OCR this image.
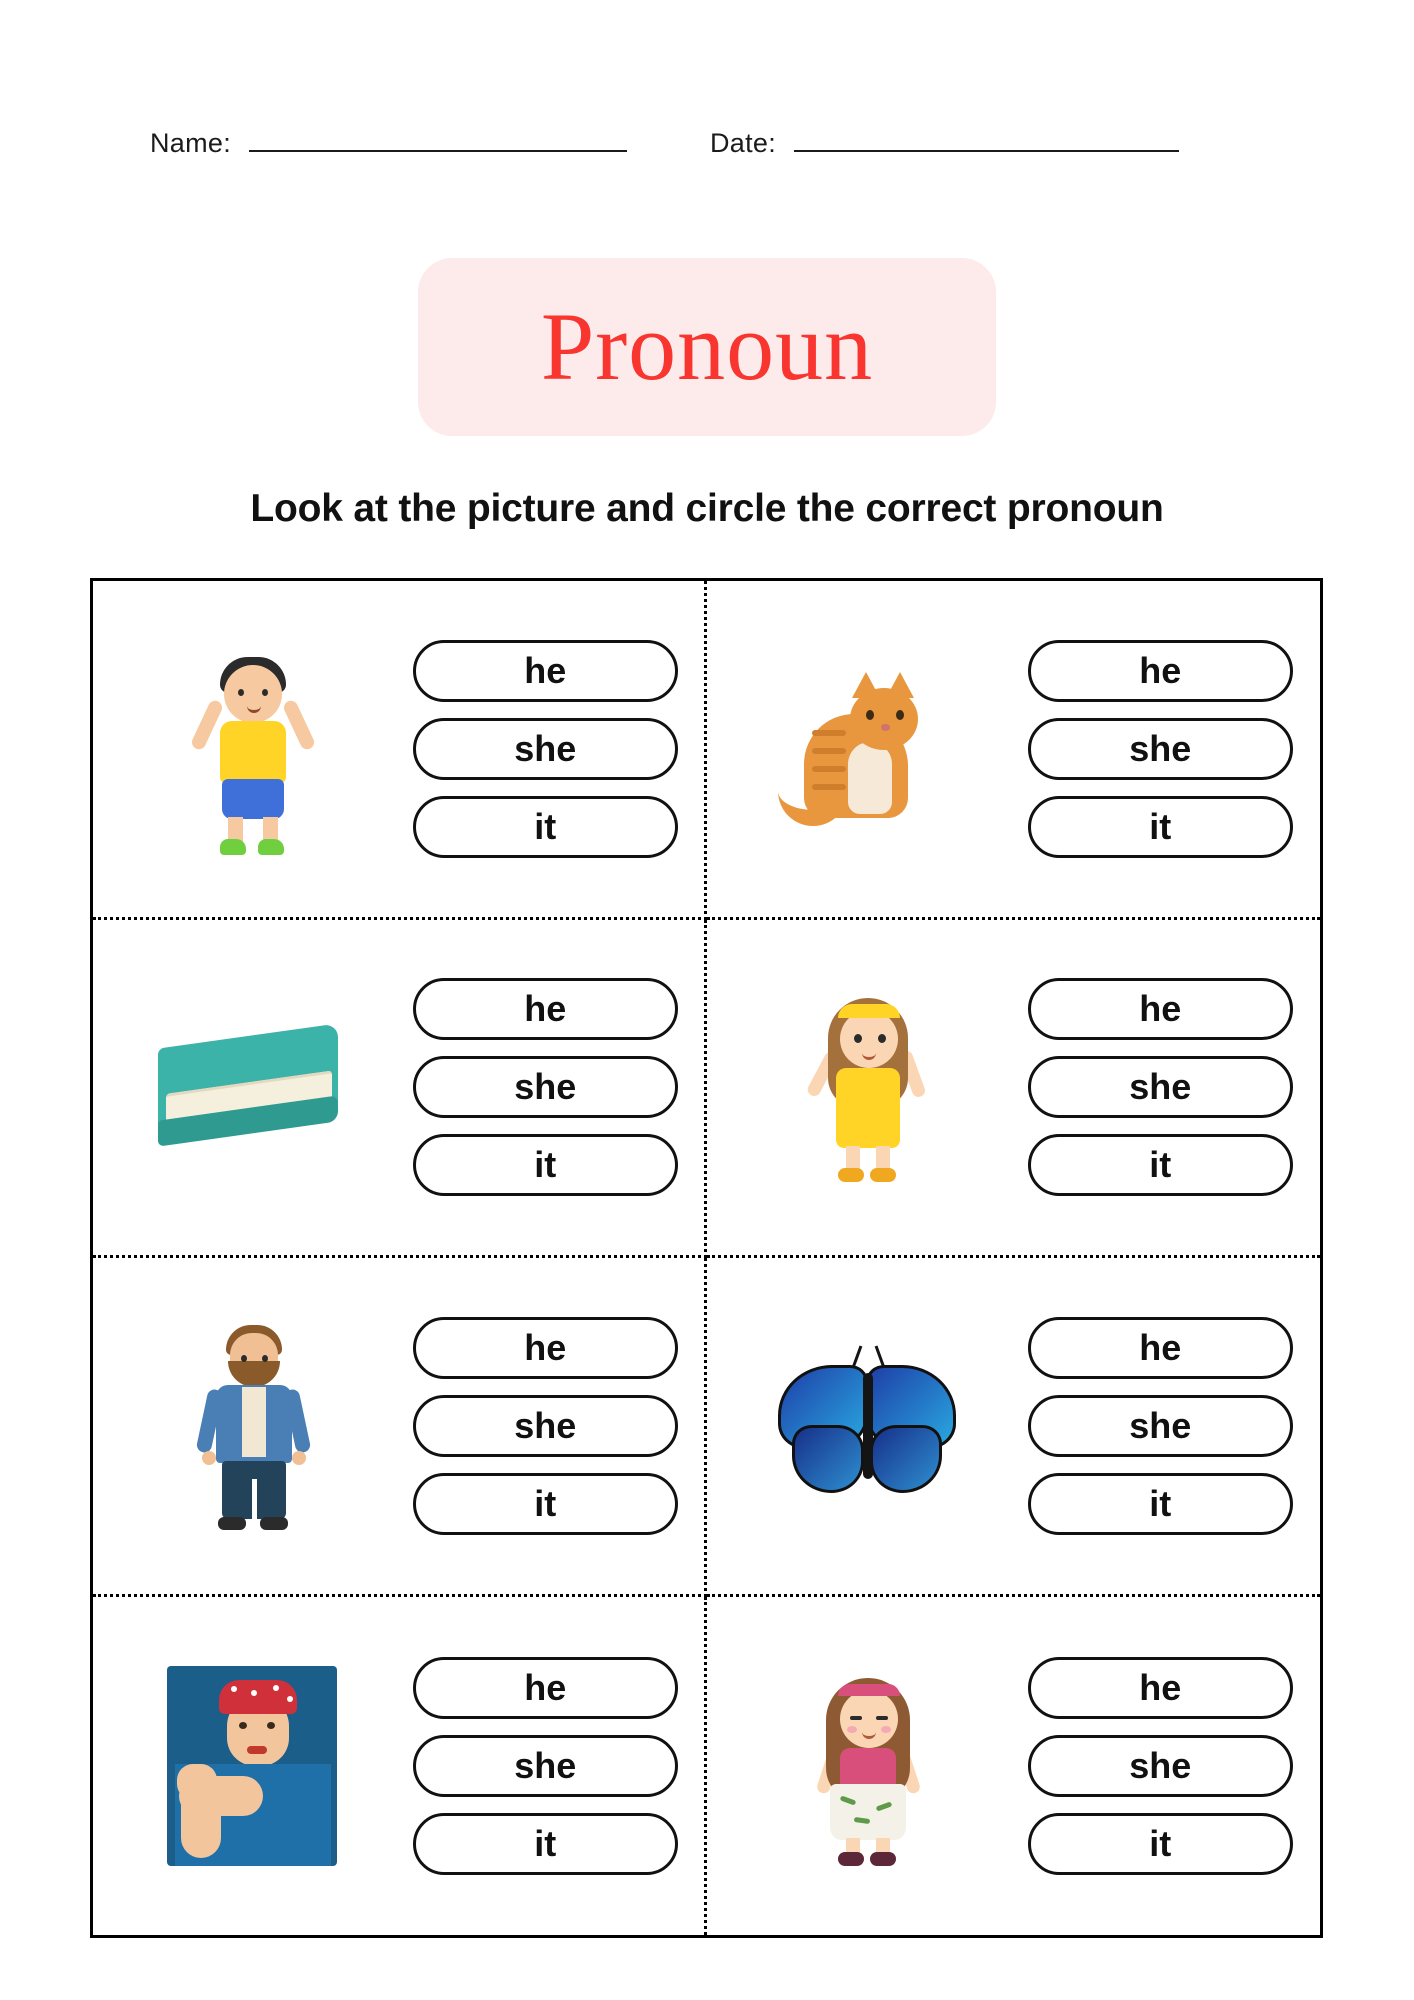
Name:	Date:
Pronoun
Look at the picture and circle the correct pronoun
he
she
it
he
she
it
he
she
it
he
she
it
he
she
it
he
she
it
he
she
it
he
she
it
